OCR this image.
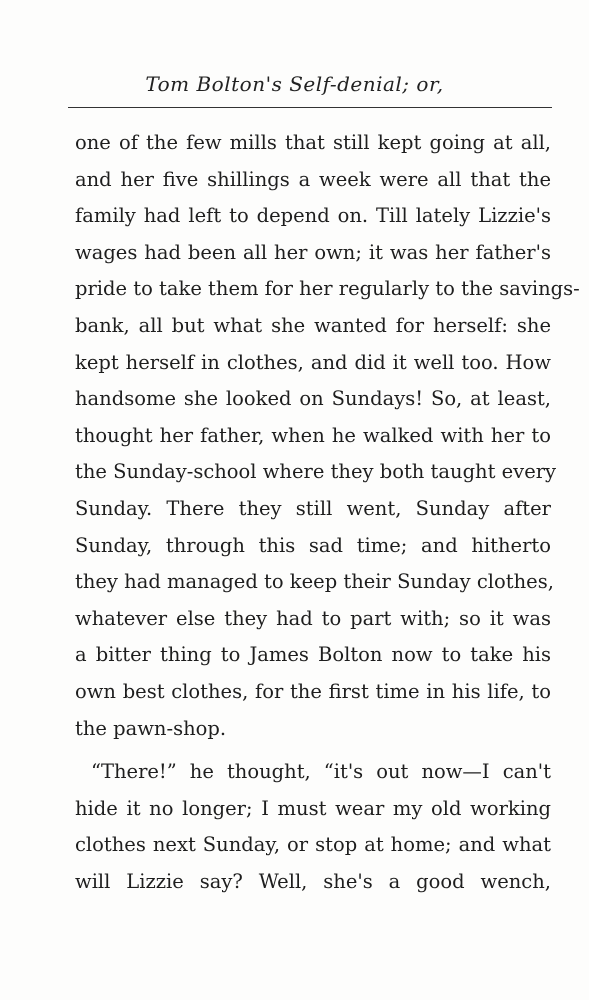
Tom Bolton's Self-denial; or,
one of the few mills that still kept going at all,
and her five shillings a week were all that the
family had left to depend on. Till lately Lizzie's
wages had been all her own; it was her father's
pride to take them for her regularly to the savings-
bank, all but what she wanted for herself: she
kept herself in clothes, and did it well too. How
handsome she looked on Sundays! So, at least,
thought her father, when he walked with her to
the Sunday-school where they both taught every
Sunday. There they still went, Sunday after
Sunday, through this sad time; and hitherto
they had managed to keep their Sunday clothes,
whatever else they had to part with; so it was
a bitter thing to James Bolton now to take his
own best clothes, for the first time in his life, to
the pawn-shop.
“There!” he thought, “it's out now—I can't
hide it no longer; I must wear my old working
clothes next Sunday, or stop at home; and what
will Lizzie say? Well, she's a good wench,
